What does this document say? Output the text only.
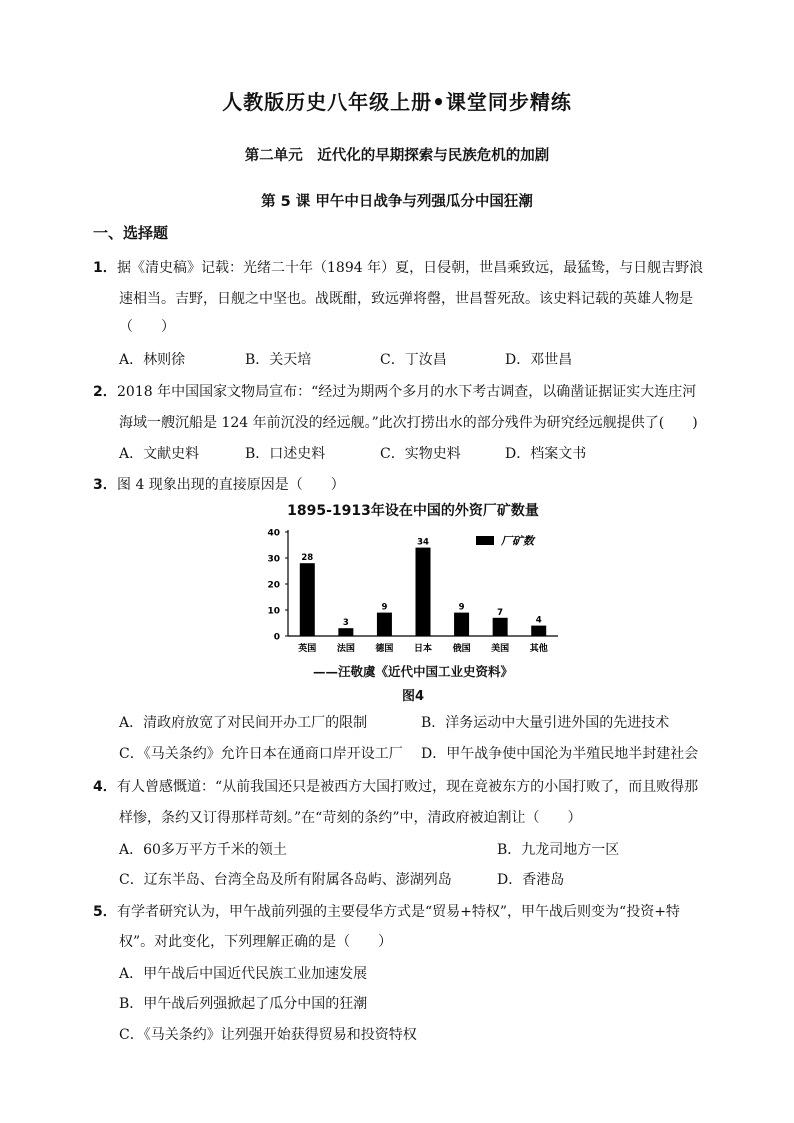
人教版历史八年级上册•课堂同步精练
第二单元　近代化的早期探索与民族危机的加剧
第 5 课 甲午中日战争与列强瓜分中国狂潮
一、选择题
1．据《清史稿》记载：光绪二十年（1894 年）夏，日侵朝，世昌乘致远，最猛鸷，与日舰吉野浪
速相当。吉野，日舰之中坚也。战既酣，致远弹将罄，世昌誓死敌。该史料记载的英雄人物是
（　　）
A．林则徐	B．关天培	C．丁汝昌	D．邓世昌
2．2018 年中国国家文物局宣布：“经过为期两个多月的水下考古调查，以确凿证据证实大连庄河
海域一艘沉船是 124 年前沉没的经远舰。”此次打捞出水的部分残件为研究经远舰提供了(　　)
A．文献史料	B．口述史料	C．实物史料	D．档案文书
3．图 4 现象出现的直接原因是（　　）
1895-1913年设在中国的外资厂矿数量
0
10
20
30
40
28
英国
3
法国
9
德国
34
日本
9
俄国
7
美国
4
其他
厂矿数
——汪敬虞《近代中国工业史资料》
图4
A．清政府放宽了对民间开办工厂的限制	B．洋务运动中大量引进外国的先进技术
C．《马关条约》允许日本在通商口岸开设工厂 D．甲午战争使中国沦为半殖民地半封建社会
4．有人曾感慨道：“从前我国还只是被西方大国打败过，现在竟被东方的小国打败了，而且败得那
样惨，条约又订得那样苛刻。”在“苛刻的条约”中，清政府被迫割让（　　）
A．60多万平方千米的领土	B．九龙司地方一区
C．辽东半岛、台湾全岛及所有附属各岛屿、澎湖列岛	D．香港岛
5．有学者研究认为，甲午战前列强的主要侵华方式是“贸易+特权”，甲午战后则变为“投资+特
权”。对此变化，下列理解正确的是（　　）
A．甲午战后中国近代民族工业加速发展
B．甲午战后列强掀起了瓜分中国的狂潮
C．《马关条约》让列强开始获得贸易和投资特权
